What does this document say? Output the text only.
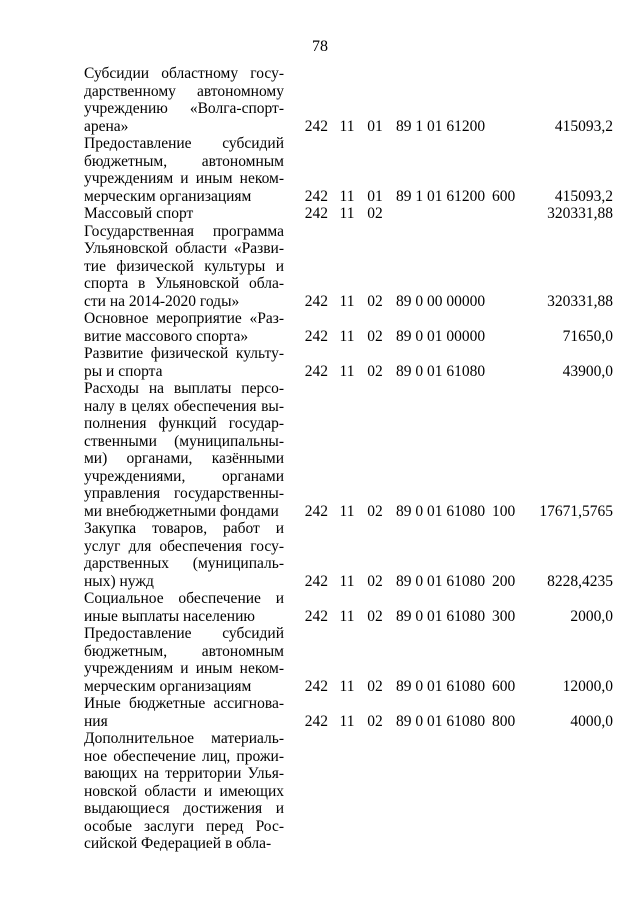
78
Субсидии областному госу-дарственному автономному учреждению «Волга-спорт-арена»	242	11	01	89 1 01 61200		415093,2
Предоставление субсидий бюджетным, автономным учреждениям и иным неком-мерческим организациям	242	11	01	89 1 01 61200	600	415093,2
Массовый спорт	242	11	02			320331,88
Государственная программа Ульяновской области «Разви-тие физической культуры и спорта в Ульяновской обла-сти на 2014-2020 годы»	242	11	02	89 0 00 00000		320331,88
Основное мероприятие «Раз-витие массового спорта»	242	11	02	89 0 01 00000		71650,0
Развитие физической культу-ры и спорта	242	11	02	89 0 01 61080		43900,0
Расходы на выплаты персо-налу в целях обеспечения вы-полнения функций государ-ственными (муниципальны-ми) органами, казёнными учреждениями, органами управления государственны-ми внебюджетными фондами	242	11	02	89 0 01 61080	100	17671,5765
Закупка товаров, работ и услуг для обеспечения госу-дарственных (муниципаль-ных) нужд	242	11	02	89 0 01 61080	200	8228,4235
Социальное обеспечение и иные выплаты населению	242	11	02	89 0 01 61080	300	2000,0
Предоставление субсидий бюджетным, автономным учреждениям и иным неком-мерческим организациям	242	11	02	89 0 01 61080	600	12000,0
Иные бюджетные ассигнова-ния	242	11	02	89 0 01 61080	800	4000,0
Дополнительное материаль-ное обеспечение лиц, прожи-вающих на территории Улья-новской области и имеющих выдающиеся достижения и особые заслуги перед Рос-сийской Федерацией в обла-						
